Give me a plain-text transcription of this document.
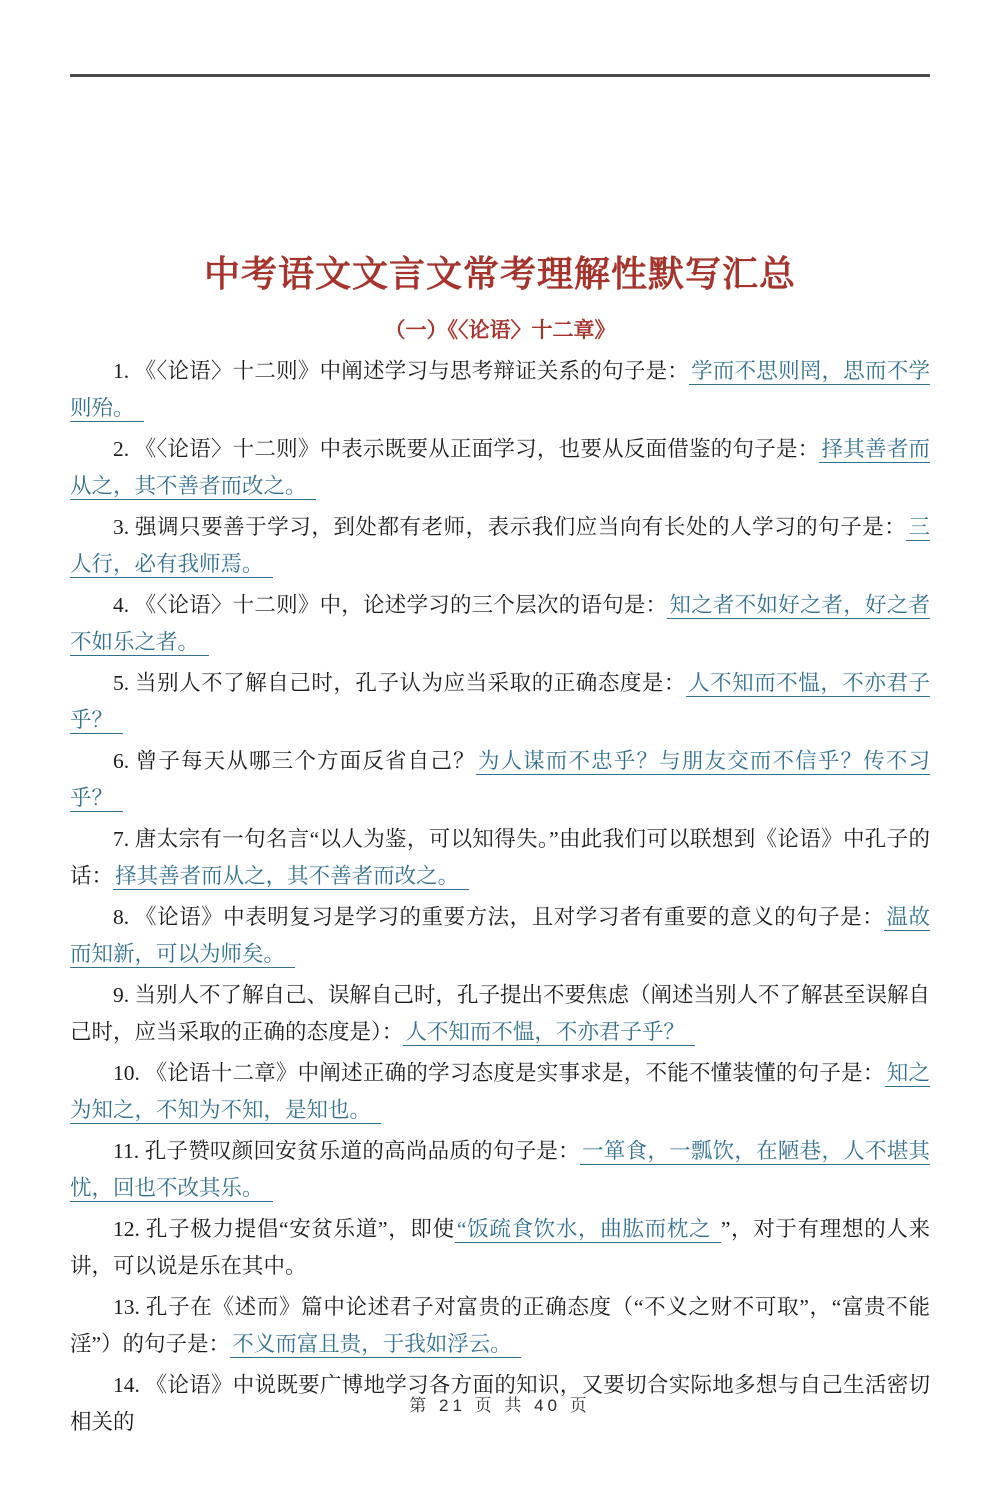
中考语文文言文常考理解性默写汇总
（一）《〈论语〉十二章》

1. 《〈论语〉十二则》中阐述学习与思考辩证关系的句子是：学而不思则罔，思而不学则殆。

2. 《〈论语〉十二则》中表示既要从正面学习，也要从反面借鉴的句子是：择其善者而从之，其不善者而改之。

3. 强调只要善于学习，到处都有老师，表示我们应当向有长处的人学习的句子是：三人行，必有我师焉。

4. 《〈论语〉十二则》中，论述学习的三个层次的语句是：知之者不如好之者，好之者不如乐之者。

5. 当别人不了解自己时，孔子认为应当采取的正确态度是：人不知而不愠，不亦君子乎？

6. 曾子每天从哪三个方面反省自己？为人谋而不忠乎？与朋友交而不信乎？传不习乎？

7. 唐太宗有一句名言“以人为鉴，可以知得失。”由此我们可以联想到《论语》中孔子的话：择其善者而从之，其不善者而改之。

8. 《论语》中表明复习是学习的重要方法，且对学习者有重要的意义的句子是：温故而知新，可以为师矣。

9. 当别人不了解自己、误解自己时，孔子提出不要焦虑（阐述当别人不了解甚至误解自己时，应当采取的正确的态度是）：人不知而不愠，不亦君子乎？

10. 《论语十二章》中阐述正确的学习态度是实事求是，不能不懂装懂的句子是：知之为知之，不知为不知，是知也。

11. 孔子赞叹颜回安贫乐道的高尚品质的句子是：一箪食，一瓢饮，在陋巷，人不堪其忧，回也不改其乐。

12. 孔子极力提倡“安贫乐道”，即使“饭疏食饮水，曲肱而枕之 ”，对于有理想的人来讲，可以说是乐在其中。

13. 孔子在《述而》篇中论述君子对富贵的正确态度（“不义之财不可取”，“富贵不能淫”）的句子是：不义而富且贵，于我如浮云。

14. 《论语》中说既要广博地学习各方面的知识，又要切合实际地多想与自己生活密切相关的

第 21 页 共 40 页
